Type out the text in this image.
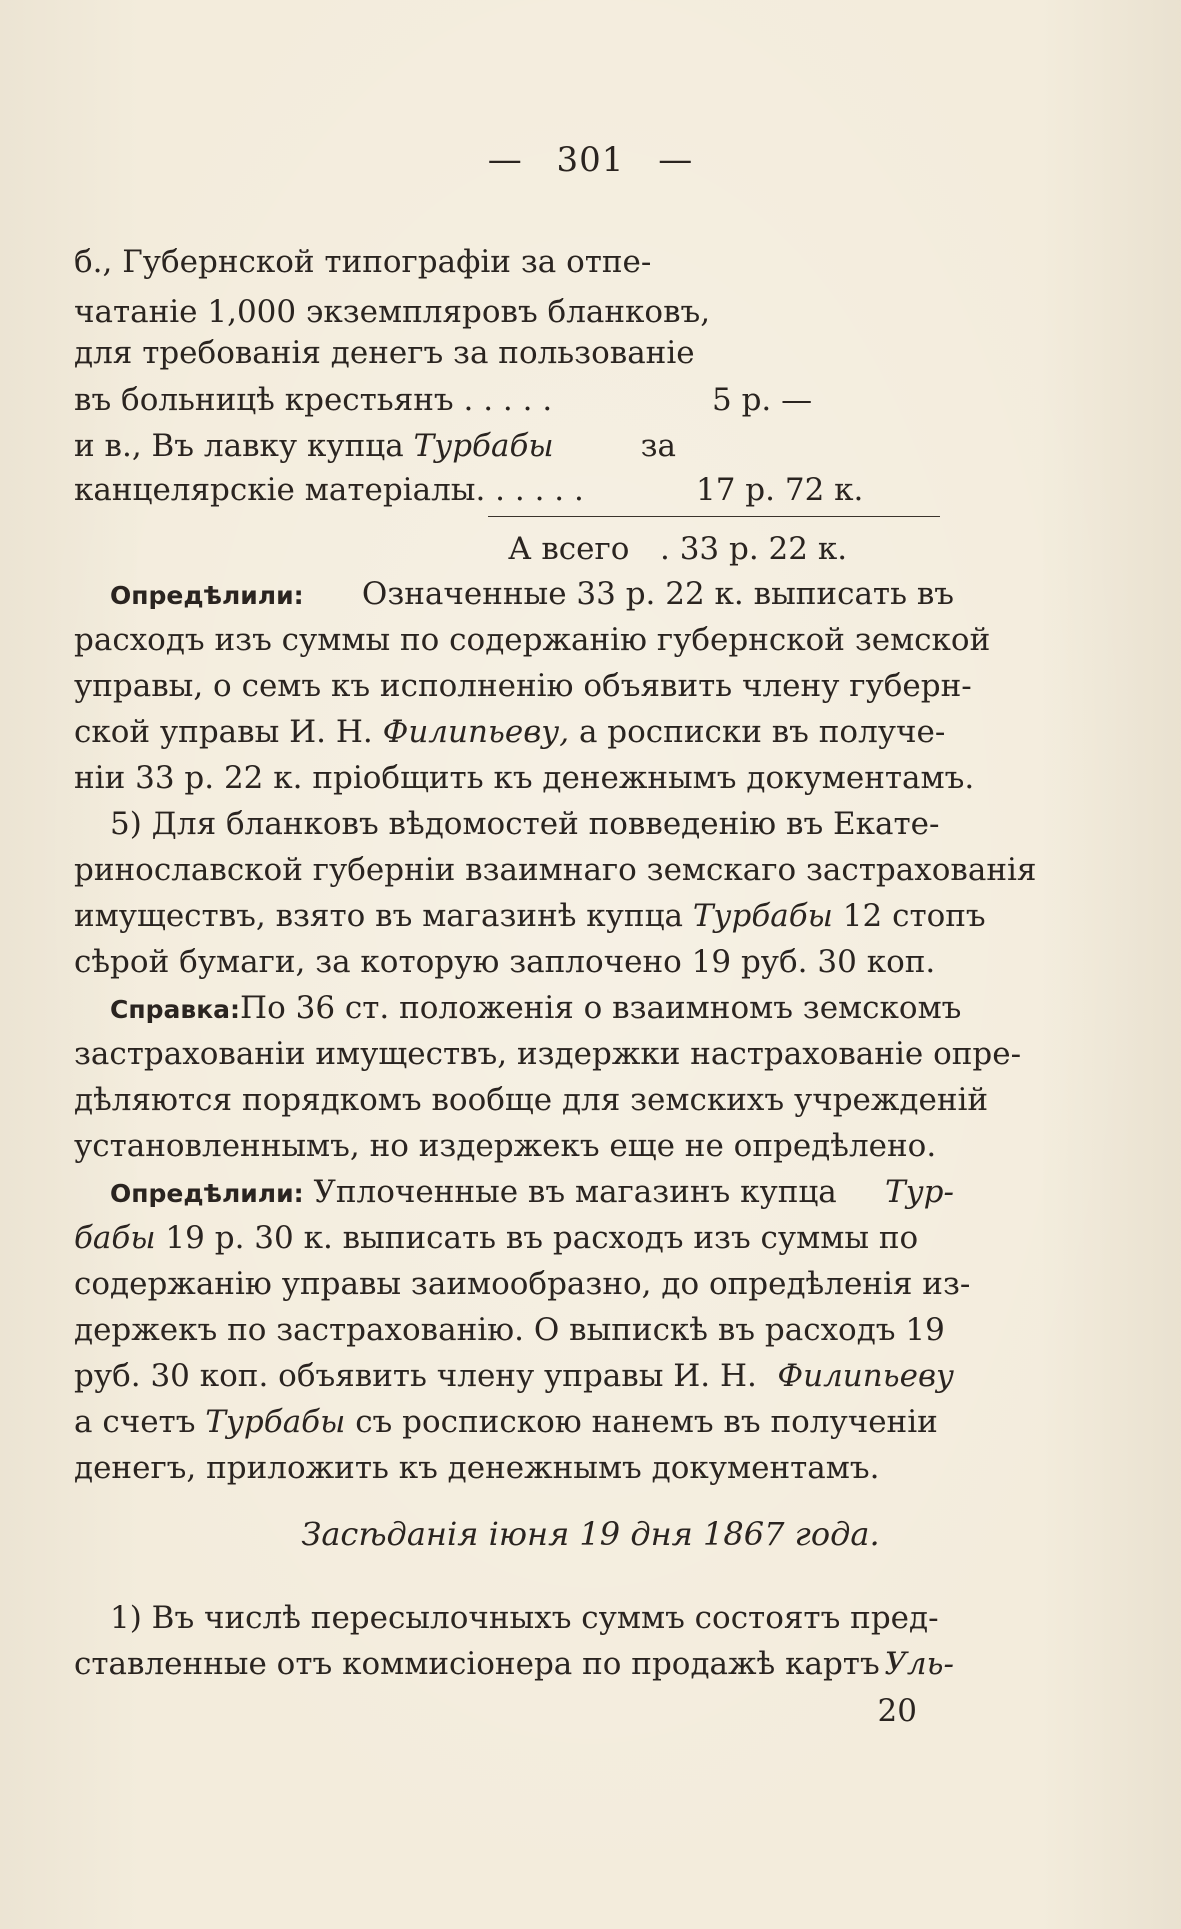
— 301 —
б., Губернской типографіи за отпе-
чатаніе 1,000 экземпляровъ бланковъ,
для требованія денегъ за пользованіе
въ больницѣ крестьянъ . . . . .	5 р. —
и в., Въ лавку купца Турбабы	за
канцелярскіе матеріалы. . . . . .	17 р. 72 к.
А всего . 33 р. 22 к.
Опредѣлили: Означенные 33 р. 22 к. выписать въ
расходъ изъ суммы по содержанію губернской земской
управы, о семъ къ исполненію объявить члену губерн-
ской управы И. Н. Филипьеву, а росписки въ получе-
ніи 33 р. 22 к. пріобщить къ денежнымъ документамъ.
5) Для бланковъ вѣдомостей повведенію въ Екате-
ринославской губерніи взаимнаго земскаго застрахованія
имуществъ, взято въ магазинѣ купца Турбабы 12 стопъ
сѣрой бумаги, за которую заплочено 19 руб. 30 коп.
Справка: По 36 ст. положенія о взаимномъ земскомъ
застрахованіи имуществъ, издержки настрахованіе опре-
дѣляются порядкомъ вообще для земскихъ учрежденій
установленнымъ, но издержекъ еще не опредѣлено.
Опредѣлили: Уплоченные въ магазинъ купца Тур-
бабы 19 р. 30 к. выписать въ расходъ изъ суммы по
содержанію управы заимообразно, до опредѣленія из-
держекъ по застрахованію. О выпискѣ въ расходъ 19
руб. 30 коп. объявить члену управы И. Н. Филипьеву
а счетъ Турбабы съ роспискою нанемъ въ полученіи
денегъ, приложить къ денежнымъ документамъ.
Засѣданія іюня 19 дня 1867 года.
1) Въ числѣ пересылочныхъ суммъ состоятъ пред-
ставленные отъ коммисіонера по продажѣ картъ Уль-
20
